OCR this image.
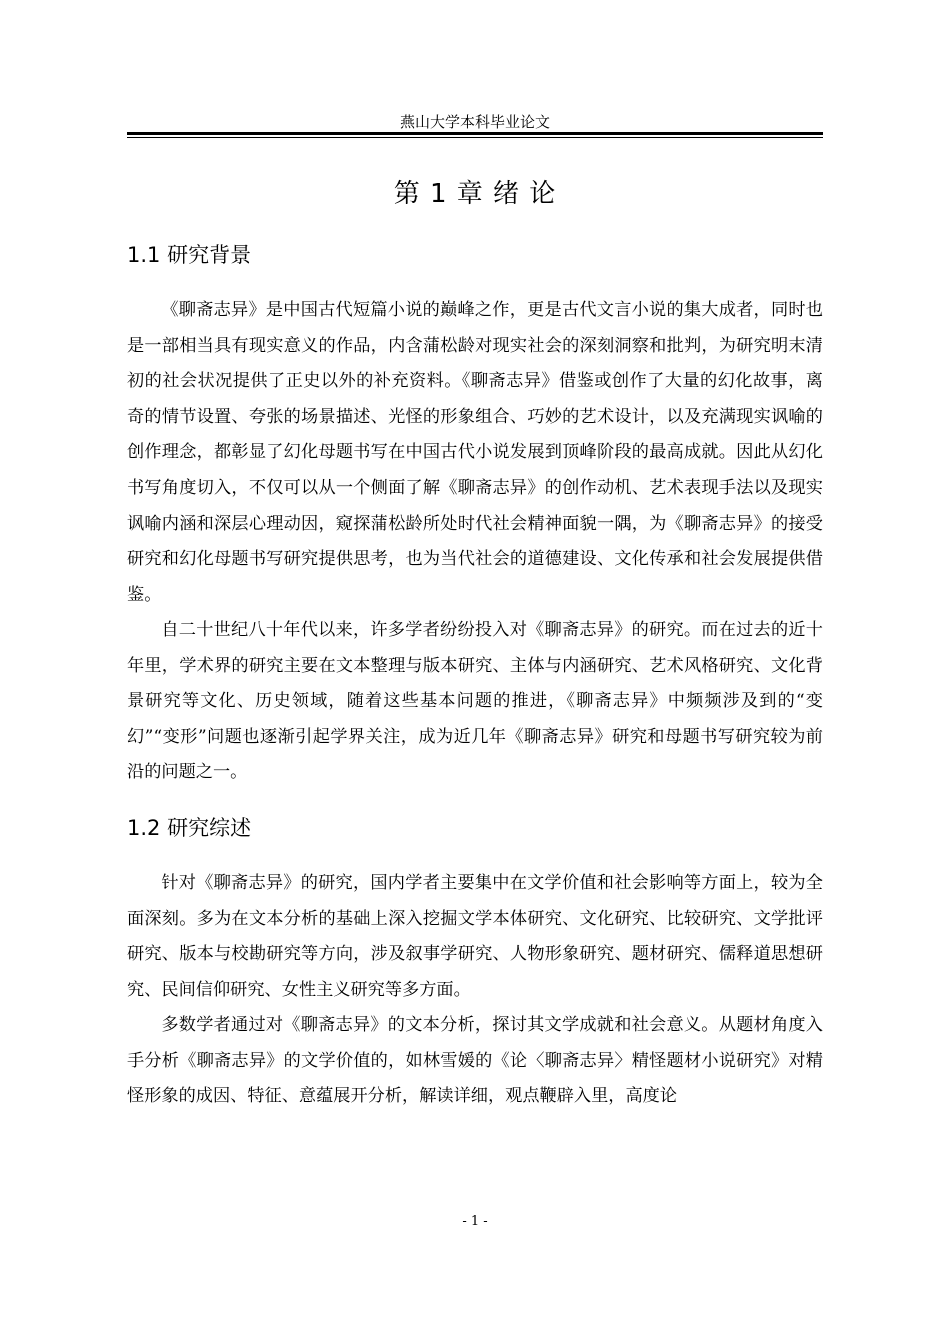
燕山大学本科毕业论文
第 1 章 绪 论
1.1 研究背景

《聊斋志异》是中国古代短篇小说的巅峰之作，更是古代文言小说的集大成者，同时也是一部相当具有现实意义的作品，内含蒲松龄对现实社会的深刻洞察和批判，为研究明末清初的社会状况提供了正史以外的补充资料。《聊斋志异》借鉴或创作了大量的幻化故事，离奇的情节设置、夸张的场景描述、光怪的形象组合、巧妙的艺术设计，以及充满现实讽喻的创作理念，都彰显了幻化母题书写在中国古代小说发展到顶峰阶段的最高成就。因此从幻化书写角度切入，不仅可以从一个侧面了解《聊斋志异》的创作动机、艺术表现手法以及现实讽喻内涵和深层心理动因，窥探蒲松龄所处时代社会精神面貌一隅，为《聊斋志异》的接受研究和幻化母题书写研究提供思考，也为当代社会的道德建设、文化传承和社会发展提供借鉴。

自二十世纪八十年代以来，许多学者纷纷投入对《聊斋志异》的研究。而在过去的近十年里，学术界的研究主要在文本整理与版本研究、主体与内涵研究、艺术风格研究、文化背景研究等文化、历史领域，随着这些基本问题的推进，《聊斋志异》中频频涉及到的“变幻”“变形”问题也逐渐引起学界关注，成为近几年《聊斋志异》研究和母题书写研究较为前沿的问题之一。

1.2 研究综述

针对《聊斋志异》的研究，国内学者主要集中在文学价值和社会影响等方面上，较为全面深刻。多为在文本分析的基础上深入挖掘文学本体研究、文化研究、比较研究、文学批评研究、版本与校勘研究等方向，涉及叙事学研究、人物形象研究、题材研究、儒释道思想研究、民间信仰研究、女性主义研究等多方面。

多数学者通过对《聊斋志异》的文本分析，探讨其文学成就和社会意义。从题材角度入手分析《聊斋志异》的文学价值的，如林雪媛的《论〈聊斋志异〉精怪题材小说研究》对精怪形象的成因、特征、意蕴展开分析，解读详细，观点鞭辟入里，高度论

- 1 -
